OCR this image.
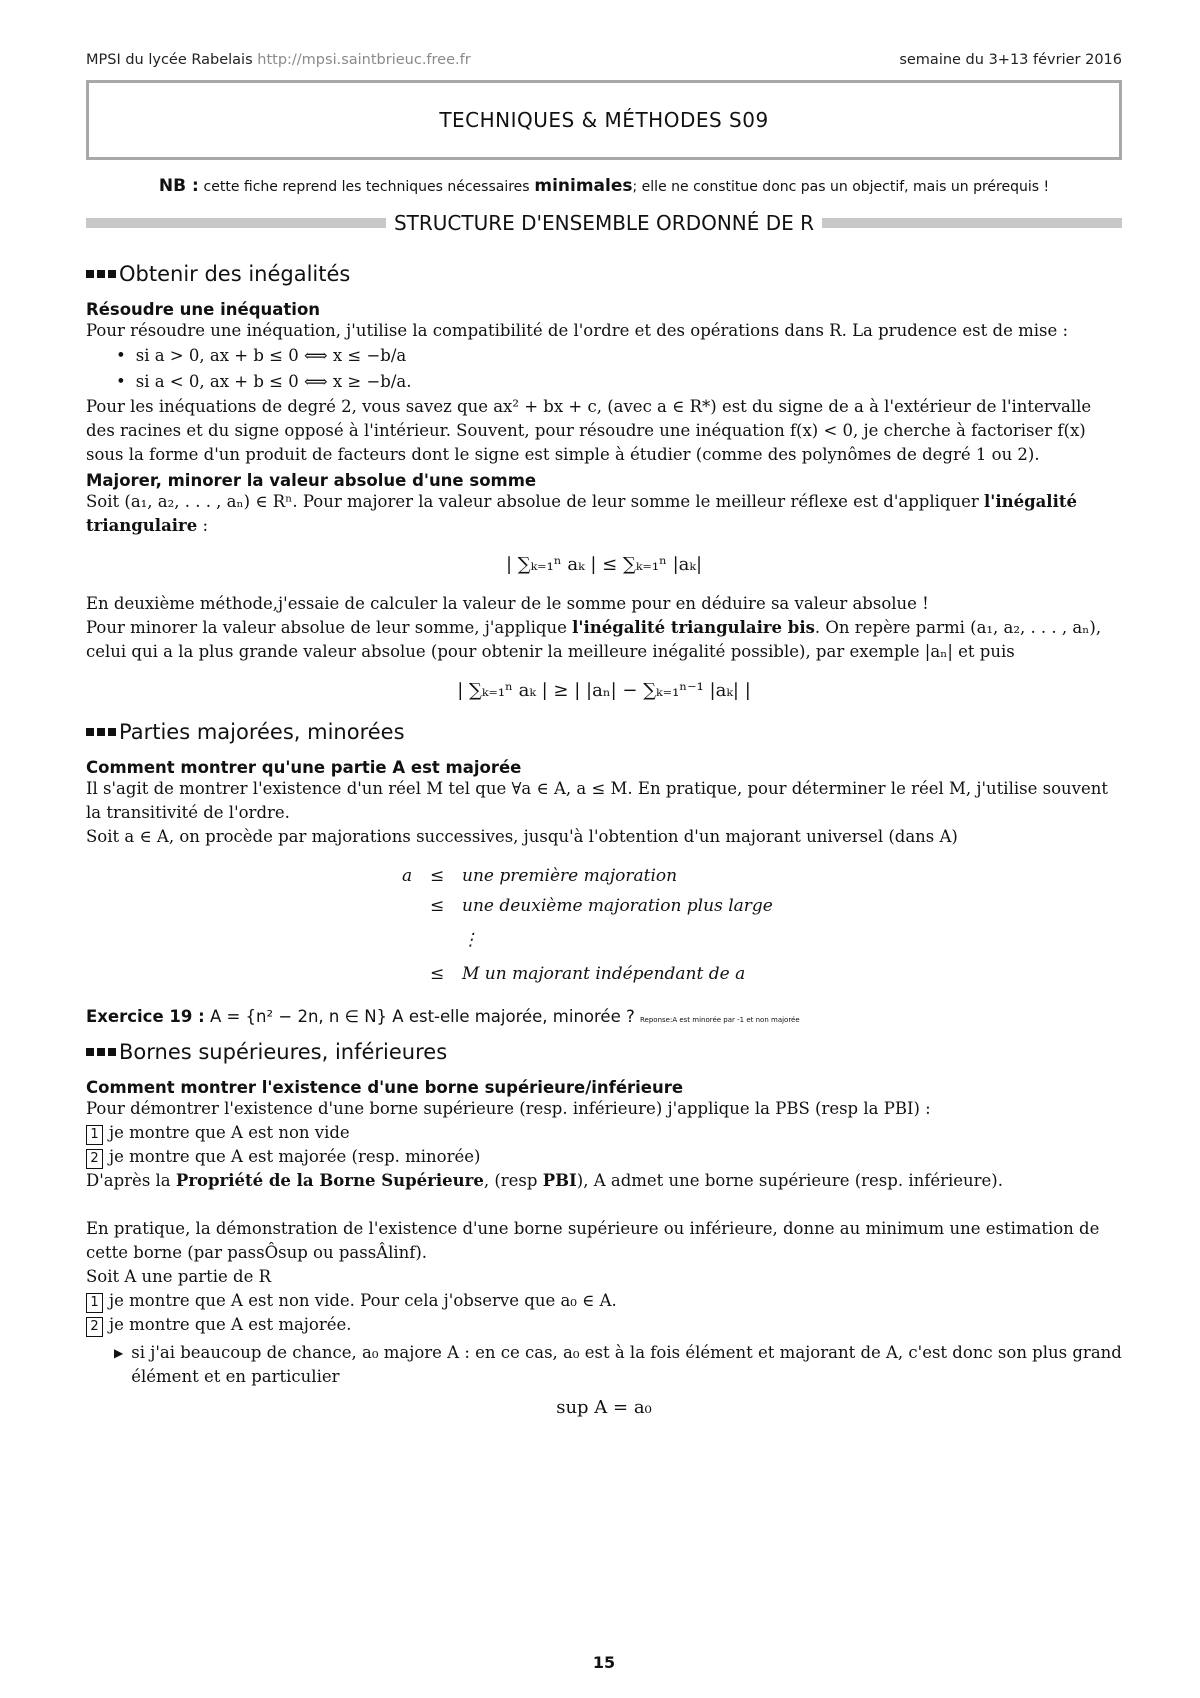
MPSI du lycée Rabelais http://mpsi.saintbrieuc.free.fr	semaine du 3+13 février 2016
TECHNIQUES & MÉTHODES S09
NB : cette fiche reprend les techniques nécessaires minimales; elle ne constitue donc pas un objectif, mais un prérequis !
STRUCTURE D'ENSEMBLE ORDONNÉ DE R
Obtenir des inégalités
Résoudre une inéquation
Pour résoudre une inéquation, j'utilise la compatibilité de l'ordre et des opérations dans R. La prudence est de mise :
• si a > 0, ax + b ≤ 0 ⟺ x ≤ −b/a
• si a < 0, ax + b ≤ 0 ⟺ x ≥ −b/a.
Pour les inéquations de degré 2, vous savez que ax² + bx + c, (avec a ∈ R*) est du signe de a à l'extérieur de l'intervalle des racines et du signe opposé à l'intérieur. Souvent, pour résoudre une inéquation f(x) < 0, je cherche à factoriser f(x) sous la forme d'un produit de facteurs dont le signe est simple à étudier (comme des polynômes de degré 1 ou 2).
Majorer, minorer la valeur absolue d'une somme
Soit (a₁, a₂, . . . , aₙ) ∈ Rⁿ. Pour majorer la valeur absolue de leur somme le meilleur réflexe est d'appliquer l'inégalité triangulaire :
| ∑ₖ₌₁ⁿ aₖ | ≤ ∑ₖ₌₁ⁿ |aₖ|
En deuxième méthode,j'essaie de calculer la valeur de le somme pour en déduire sa valeur absolue !
Pour minorer la valeur absolue de leur somme, j'applique l'inégalité triangulaire bis. On repère parmi (a₁, a₂, . . . , aₙ), celui qui a la plus grande valeur absolue (pour obtenir la meilleure inégalité possible), par exemple |aₙ| et puis
| ∑ₖ₌₁ⁿ aₖ | ≥ | |aₙ| − ∑ₖ₌₁ⁿ⁻¹ |aₖ| |
Parties majorées, minorées
Comment montrer qu'une partie A est majorée
Il s'agit de montrer l'existence d'un réel M tel que ∀a ∈ A, a ≤ M. En pratique, pour déterminer le réel M, j'utilise souvent la transitivité de l'ordre.
Soit a ∈ A, on procède par majorations successives, jusqu'à l'obtention d'un majorant universel (dans A)
a	≤	une première majoration
≤	une deuxième majoration plus large
⋮
≤	M un majorant indépendant de a
Exercice 19 : A = {n² − 2n, n ∈ N} A est-elle majorée, minorée ? Reponse:A est minorée par -1 et non majorée
Bornes supérieures, inférieures
Comment montrer l'existence d'une borne supérieure/inférieure
Pour démontrer l'existence d'une borne supérieure (resp. inférieure) j'applique la PBS (resp la PBI) :
1 je montre que A est non vide
2 je montre que A est majorée (resp. minorée)
D'après la Propriété de la Borne Supérieure, (resp PBI), A admet une borne supérieure (resp. inférieure).
En pratique, la démonstration de l'existence d'une borne supérieure ou inférieure, donne au minimum une estimation de cette borne (par passÔsup ou passÂlinf).
Soit A une partie de R
1 je montre que A est non vide. Pour cela j'observe que a₀ ∈ A.
2 je montre que A est majorée.
▶ si j'ai beaucoup de chance, a₀ majore A : en ce cas, a₀ est à la fois élément et majorant de A, c'est donc son plus grand élément et en particulier
sup A = a₀
15
